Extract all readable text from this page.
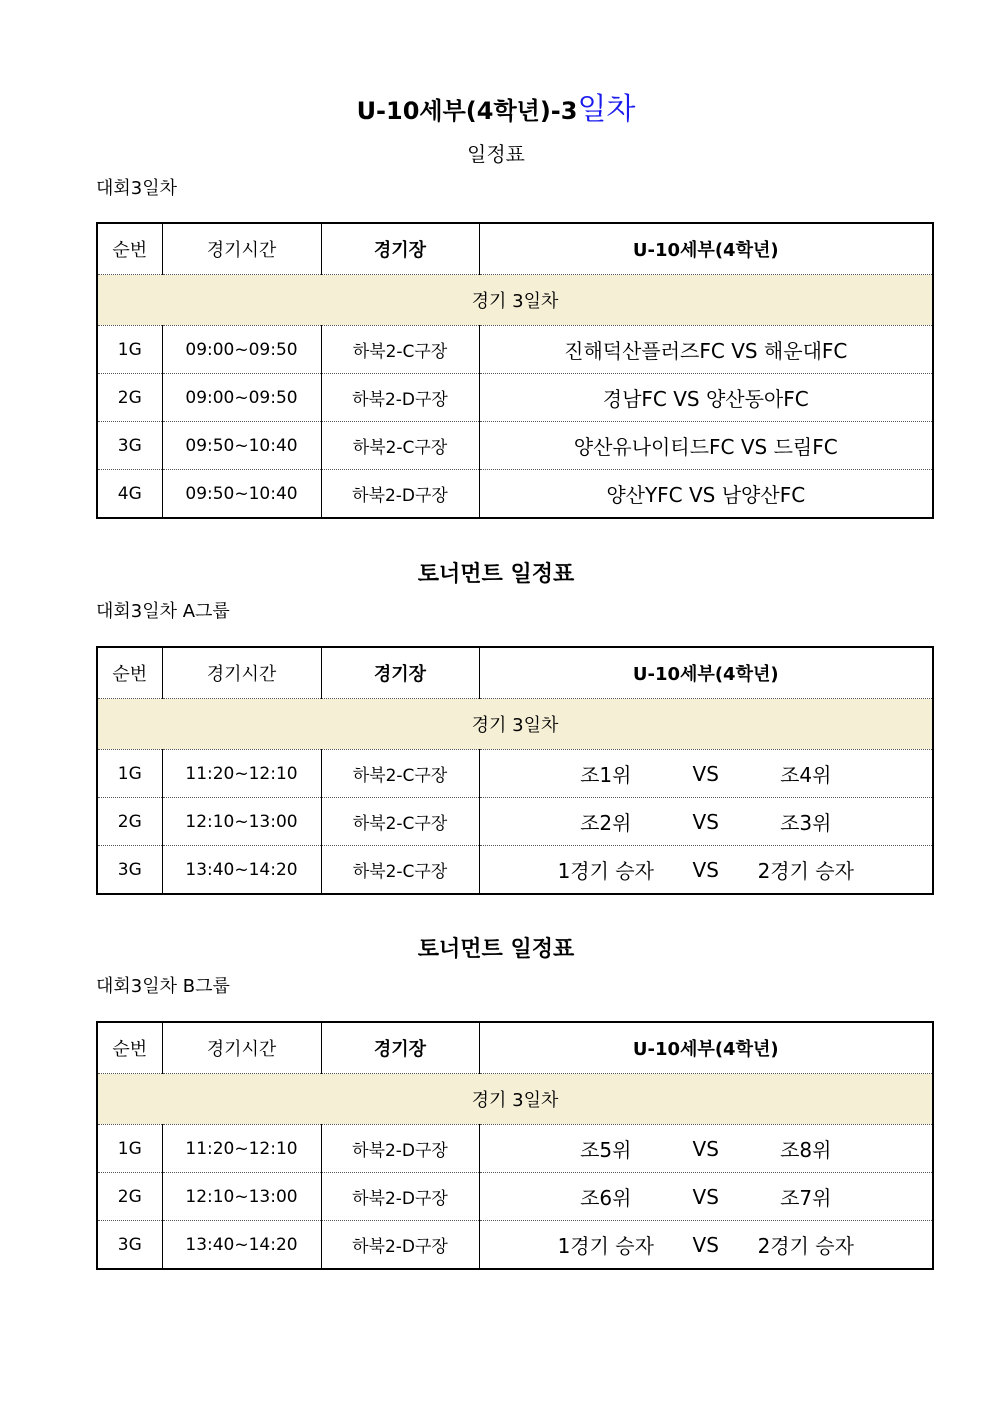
U-10세부(4학년)-3일차
일정표
대회3일차
순번	경기시간	경기장	U-10세부(4학년)
경기 3일차			
1G	09:00~09:50	하북2-C구장	진해덕산플러즈FC VS 해운대FC
2G	09:00~09:50	하북2-D구장	경남FC VS 양산동아FC
3G	09:50~10:40	하북2-C구장	양산유나이티드FC VS 드림FC
4G	09:50~10:40	하북2-D구장	양산YFC VS 남양산FC
토너먼트 일정표
대회3일차 A그룹
순번	경기시간	경기장	U-10세부(4학년)
경기 3일차			
1G	11:20~12:10	하북2-C구장	조1위 VS 조4위

2G	12:10~13:00	하북2-C구장	조2위 VS 조3위

3G	13:40~14:20	하북2-C구장	1경기 승자 VS 2경기 승자
토너먼트 일정표
대회3일차 B그룹
순번	경기시간	경기장	U-10세부(4학년)
경기 3일차			
1G	11:20~12:10	하북2-D구장	조5위 VS 조8위

2G	12:10~13:00	하북2-D구장	조6위 VS 조7위

3G	13:40~14:20	하북2-D구장	1경기 승자 VS 2경기 승자
